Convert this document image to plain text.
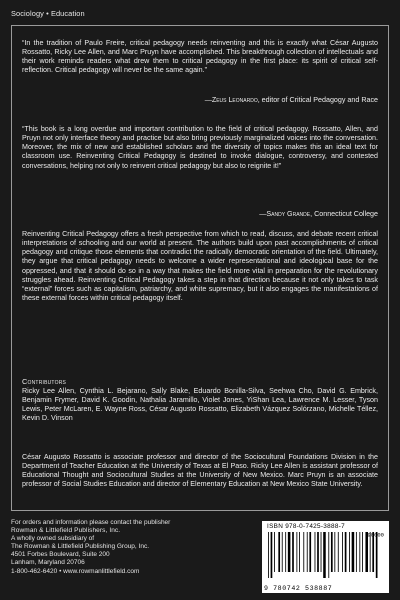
Sociology • Education
“In the tradition of Paulo Freire, critical pedagogy needs reinventing and this is exactly what César Augusto Rossatto, Ricky Lee Allen, and Marc Pruyn have accomplished. This breakthrough collection of intellectuals and their work reminds readers what drew them to critical pedagogy in the first place: its spirit of critical self-reflection. Critical pedagogy will never be the same again.”
—Zeus Leonardo, editor of Critical Pedagogy and Race
“This book is a long overdue and important contribution to the field of critical pedagogy. Rossatto, Allen, and Pruyn not only interface theory and practice but also bring previously marginalized voices into the conversation. Moreover, the mix of new and established scholars and the diversity of topics makes this an ideal text for classroom use. Reinventing Critical Pedagogy is destined to invoke dialogue, controversy, and contested conversations, helping not only to reinvent critical pedagogy but also to reignite it!”
—Sandy Grande, Connecticut College
Reinventing Critical Pedagogy offers a fresh perspective from which to read, discuss, and debate recent critical interpretations of schooling and our world at present. The authors build upon past accomplishments of critical pedagogy and critique those elements that contradict the radically democratic orientation of the field. Ultimately, they argue that critical pedagogy needs to welcome a wider representational and ideological base for the oppressed, and that it should do so in a way that makes the field more vital in preparation for the revolutionary struggles ahead. Reinventing Critical Pedagogy takes a step in that direction because it not only takes to task “external” forces such as capitalism, patriarchy, and white supremacy, but it also engages the manifestations of these external forces within critical pedagogy itself.
Contributors
Ricky Lee Allen, Cynthia L. Bejarano, Sally Blake, Eduardo Bonilla-Silva, Seehwa Cho, David G. Embrick, Benjamin Frymer, David K. Goodin, Nathalia Jaramillo, Violet Jones, YiShan Lea, Lawrence M. Lesser, Tyson Lewis, Peter McLaren, E. Wayne Ross, César Augusto Rossatto, Elizabeth Vázquez Solórzano, Michelle Téllez, Kevin D. Vinson
César Augusto Rossatto is associate professor and director of the Sociocultural Foundations Division in the Department of Teacher Education at the University of Texas at El Paso. Ricky Lee Allen is assistant professor of Educational Thought and Sociocultural Studies at the University of New Mexico. Marc Pruyn is an associate professor of Social Studies Education and director of Elementary Education at New Mexico State University.
For orders and information please contact the publisher
Rowman & Littlefield Publishers, Inc.
A wholly owned subsidiary of
The Rowman & Littlefield Publishing Group, Inc.
4501 Forbes Boulevard, Suite 200
Lanham, Maryland 20706
1-800-462-6420 • www.rowmanlittlefield.com
ISBN 978-0-7425-3888-7
90000
9 780742 538887
